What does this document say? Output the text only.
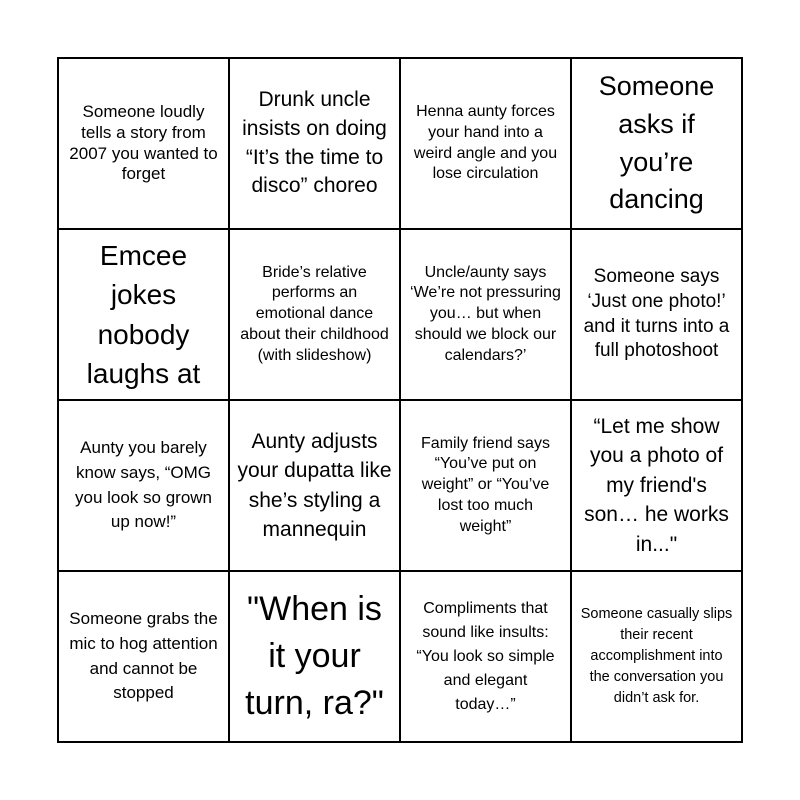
Someone loudly tells a story from 2007 you wanted to forget
Drunk uncle insists on doing “It’s the time to disco” choreo
Henna aunty forces your hand into a weird angle and you lose circulation
Someone asks if you’re dancing
Emcee jokes nobody laughs at
Bride’s relative performs an emotional dance about their childhood (with slideshow)
Uncle/aunty says ‘We’re not pressuring you… but when should we block our calendars?’
Someone says ‘Just one photo!’ and it turns into a full photoshoot
Aunty you barely know says, “OMG you look so grown up now!”
Aunty adjusts your dupatta like she’s styling a mannequin
Family friend says “You’ve put on weight” or “You’ve lost too much weight”
“Let me show you a photo of my friend's son… he works in..."
Someone grabs the mic to hog attention and cannot be stopped
"When is it your turn, ra?"
Compliments that sound like insults: “You look so simple and elegant today…”
Someone casually slips their recent accomplishment into the conversation you didn’t ask for.
